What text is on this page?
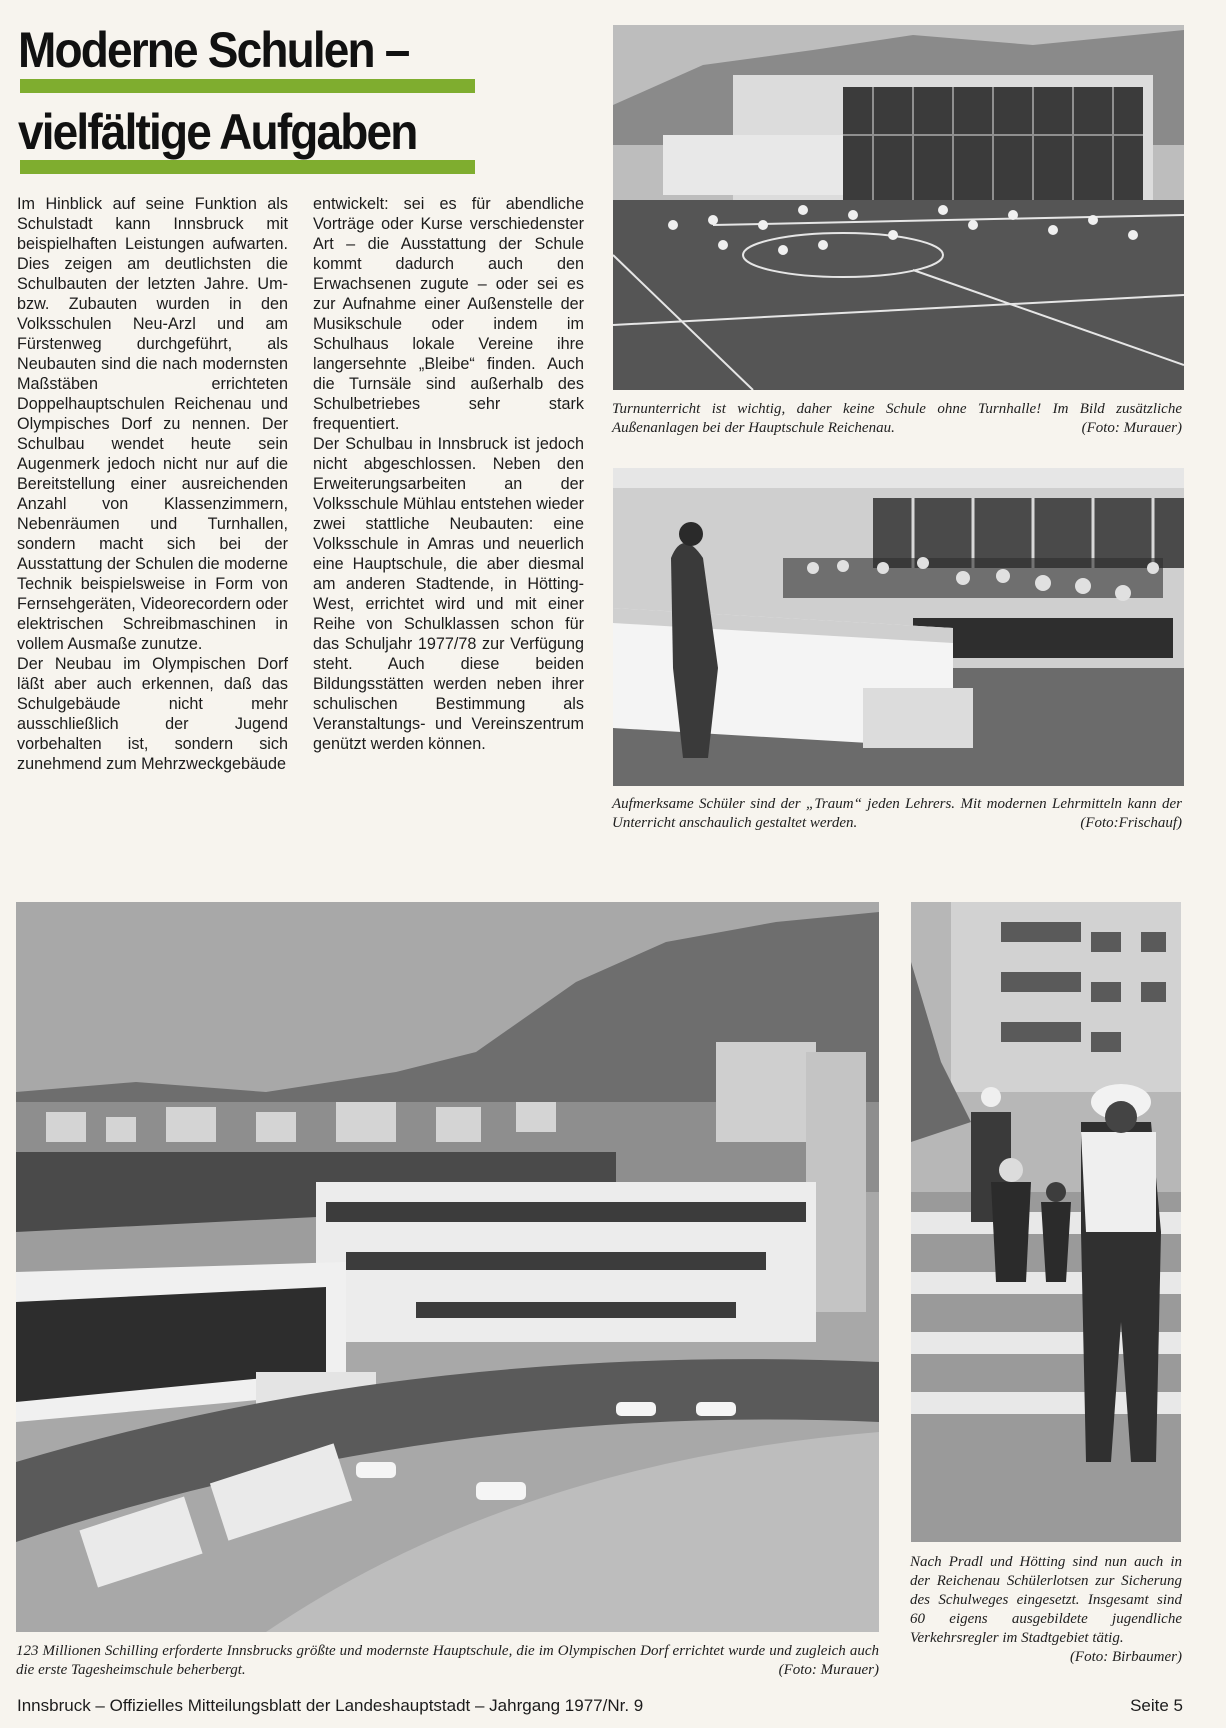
Moderne Schulen –
vielfältige Aufgaben
Im Hinblick auf seine Funktion als Schulstadt kann Innsbruck mit beispielhaften Leistungen aufwarten. Dies zeigen am deutlichsten die Schulbauten der letzten Jahre. Um- bzw. Zubauten wurden in den Volksschulen Neu-Arzl und am Fürstenweg durchgeführt, als Neubauten sind die nach modernsten Maßstäben errichteten Doppelhauptschulen Reichenau und Olympisches Dorf zu nennen. Der Schulbau wendet heute sein Augenmerk jedoch nicht nur auf die Bereitstellung einer ausreichenden Anzahl von Klassenzimmern, Nebenräumen und Turnhallen, sondern macht sich bei der Ausstattung der Schulen die moderne Technik beispielsweise in Form von Fernsehgeräten, Videorecordern oder elektrischen Schreibmaschinen in vollem Ausmaße zunutze.
Der Neubau im Olympischen Dorf läßt aber auch erkennen, daß das Schulgebäude nicht mehr ausschließlich der Jugend vorbehalten ist, sondern sich zunehmend zum Mehrzweckgebäude
entwickelt: sei es für abendliche Vorträge oder Kurse verschiedenster Art – die Ausstattung der Schule kommt dadurch auch den Erwachsenen zugute – oder sei es zur Aufnahme einer Außenstelle der Musikschule oder indem im Schulhaus lokale Vereine ihre langersehnte „Bleibe“ finden. Auch die Turnsäle sind außerhalb des Schulbetriebes sehr stark frequentiert.
Der Schulbau in Innsbruck ist jedoch nicht abgeschlossen. Neben den Erweiterungsarbeiten an der Volksschule Mühlau entstehen wieder zwei stattliche Neubauten: eine Volksschule in Amras und neuerlich eine Hauptschule, die aber diesmal am anderen Stadtende, in Hötting-West, errichtet wird und mit einer Reihe von Schulklassen schon für das Schuljahr 1977/78 zur Verfügung steht. Auch diese beiden Bildungsstätten werden neben ihrer schulischen Bestimmung als Veranstaltungs- und Vereinszentrum genützt werden können.
Turnunterricht ist wichtig, daher keine Schule ohne Turnhalle! Im Bild zusätzliche Außenanlagen bei der Hauptschule Reichenau.	(Foto: Murauer)
Aufmerksame Schüler sind der „Traum“ jeden Lehrers. Mit modernen Lehrmitteln kann der Unterricht anschaulich gestaltet werden.	(Foto:Frischauf)
123 Millionen Schilling erforderte Innsbrucks größte und modernste Hauptschule, die im Olympischen Dorf errichtet wurde und zugleich auch die erste Tagesheimschule beherbergt.	(Foto: Murauer)
Nach Pradl und Hötting sind nun auch in der Reichenau Schülerlotsen zur Sicherung des Schulweges eingesetzt. Insgesamt sind 60 eigens ausgebildete jugendliche Verkehrsregler im Stadtgebiet tätig.
(Foto: Birbaumer)
Innsbruck – Offizielles Mitteilungsblatt der Landeshauptstadt – Jahrgang 1977/Nr. 9	Seite 5
